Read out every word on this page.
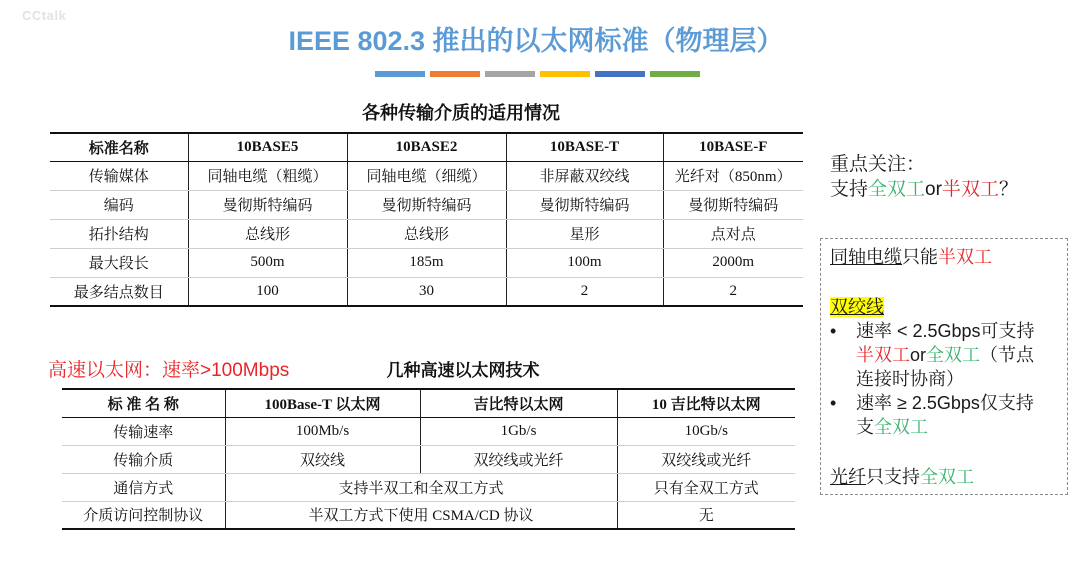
CCtalk
IEEE 802.3 推出的以太网标准（物理层）
各种传输介质的适用情况
标准名称	10BASE5	10BASE2	10BASE-T	10BASE-F
传输媒体	同轴电缆（粗缆）	同轴电缆（细缆）	非屏蔽双绞线	光纤对（850nm）
编码	曼彻斯特编码	曼彻斯特编码	曼彻斯特编码	曼彻斯特编码
拓扑结构	总线形	总线形	星形	点对点
最大段长	500m	185m	100m	2000m
最多结点数目	100	30	2	2
高速以太网：速率>100Mbps	几种高速以太网技术
标 准 名 称	100Base-T 以太网	吉比特以太网	10 吉比特以太网
传输速率	100Mb/s	1Gb/s	10Gb/s
传输介质	双绞线	双绞线或光纤	双绞线或光纤
通信方式	支持半双工和全双工方式		只有全双工方式
介质访问控制协议	半双工方式下使用 CSMA/CD 协议		无
重点关注：
支持全双工or半双工？
同轴电缆只能半双工
双绞线
• 速率 < 2.5Gbps可支持
半双工or全双工（节点
连接时协商）
• 速率 ≥ 2.5Gbps仅支持
支全双工
光纤只支持全双工
